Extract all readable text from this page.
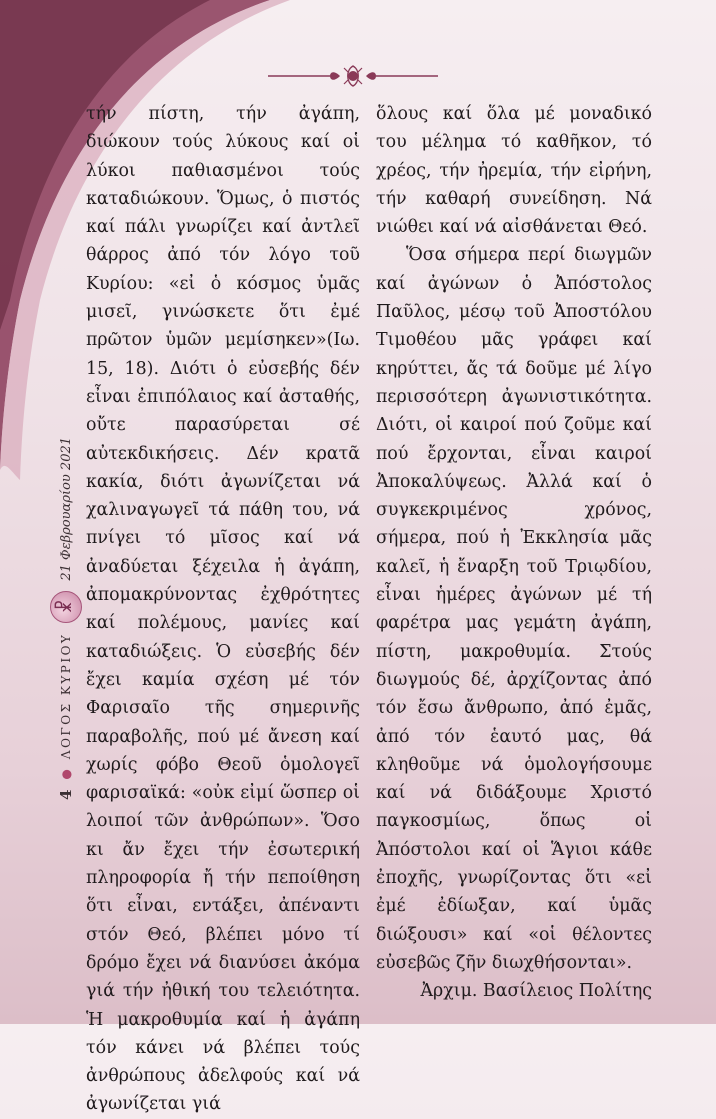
4
●
ΛΟΓΟΣ ΚΥΡΙΟΥ
☧
21 Φεβρουαρίου 2021

τήν πίστη, τήν ἀγάπη, διώκουν τούς λύκους καί οἱ λύκοι παθιασμένοι τούς καταδιώκουν. Ὅμως, ὁ πιστός καί πάλι γνωρίζει καί ἀντλεῖ θάρρος ἀπό τόν λόγο τοῦ Κυρίου: «εἰ ὁ κόσμος ὑμᾶς μισεῖ, γινώσκετε ὅτι ἐμέ πρῶτον ὑμῶν μεμίσηκεν»(Ιω. 15, 18). Διότι ὁ εὐσεβής δέν εἶναι ἐπιπόλαιος καί ἀσταθής, οὔτε παρασύρεται σέ αὐτεκδικήσεις. Δέν κρατᾶ κακία, διότι ἀγωνίζεται νά χαλιναγωγεῖ τά πάθη του, νά πνίγει τό μῖσος καί νά ἀναδύεται ξέχειλα ἡ ἀγάπη, ἀπομακρύνοντας ἐχθρότητες καί πολέμους, μανίες καί καταδιώξεις. Ὁ εὐσεβής δέν ἔχει καμία σχέση μέ τόν Φαρισαῖο τῆς σημερινῆς παραβολῆς, πού μέ ἄνεση καί χωρίς φόβο Θεοῦ ὁμολογεῖ φαρισαϊκά: «οὐκ εἰμί ὥσπερ οἱ λοιποί τῶν ἀνθρώπων». Ὅσο κι ἄν ἔχει τήν ἐσωτερική πληροφορία ἤ τήν πεποίθηση ὅτι εἶναι, εντάξει, ἀπέναντι στόν Θεό, βλέπει μόνο τί δρόμο ἔχει νά διανύσει ἀκόμα γιά τήν ἠθική του τελειότητα. Ἡ μακροθυμία καί ἡ ἀγάπη τόν κάνει νά βλέπει τούς ἀνθρώπους ἀδελφούς καί νά ἀγωνίζεται γιά

ὅλους καί ὅλα μέ μοναδικό του μέλημα τό καθῆκον, τό χρέος, τήν ἠρεμία, τήν εἰρήνη, τήν καθαρή συνείδηση. Νά νιώθει καί νά αἰσθάνεται Θεό.

Ὅσα σήμερα περί διωγμῶν καί ἀγώνων ὁ Ἀπόστολος Παῦλος, μέσῳ τοῦ Ἀποστόλου Τιμοθέου μᾶς γράφει καί κηρύττει, ἄς τά δοῦμε μέ λίγο περισσότερη ἀγωνιστικότητα. Διότι, οἱ καιροί πού ζοῦμε καί πού ἔρχονται, εἶναι καιροί Ἀποκαλύψεως. Ἀλλά καί ὁ συγκεκριμένος χρόνος, σήμερα, πού ἡ Ἐκκλησία μᾶς καλεῖ, ἡ ἔναρξη τοῦ Τριῳδίου, εἶναι ἡμέρες ἀγώνων μέ τή φαρέτρα μας γεμάτη ἀγάπη, πίστη, μακροθυμία. Στούς διωγμούς δέ, ἀρχίζοντας ἀπό τόν ἔσω ἄνθρωπο, ἀπό ἐμᾶς, ἀπό τόν ἑαυτό μας, θά κληθοῦμε νά ὁμολογήσουμε καί νά διδάξουμε Χριστό παγκοσμίως, ὅπως οἱ Ἀπόστολοι καί οἱ Ἅγιοι κάθε ἐποχῆς, γνωρίζοντας ὅτι «εἰ ἐμέ ἐδίωξαν, καί ὑμᾶς διώξουσι» καί «οἱ θέλοντες εὐσεβῶς ζῆν διωχθήσονται».

Ἀρχιμ. Βασίλειος Πολίτης
